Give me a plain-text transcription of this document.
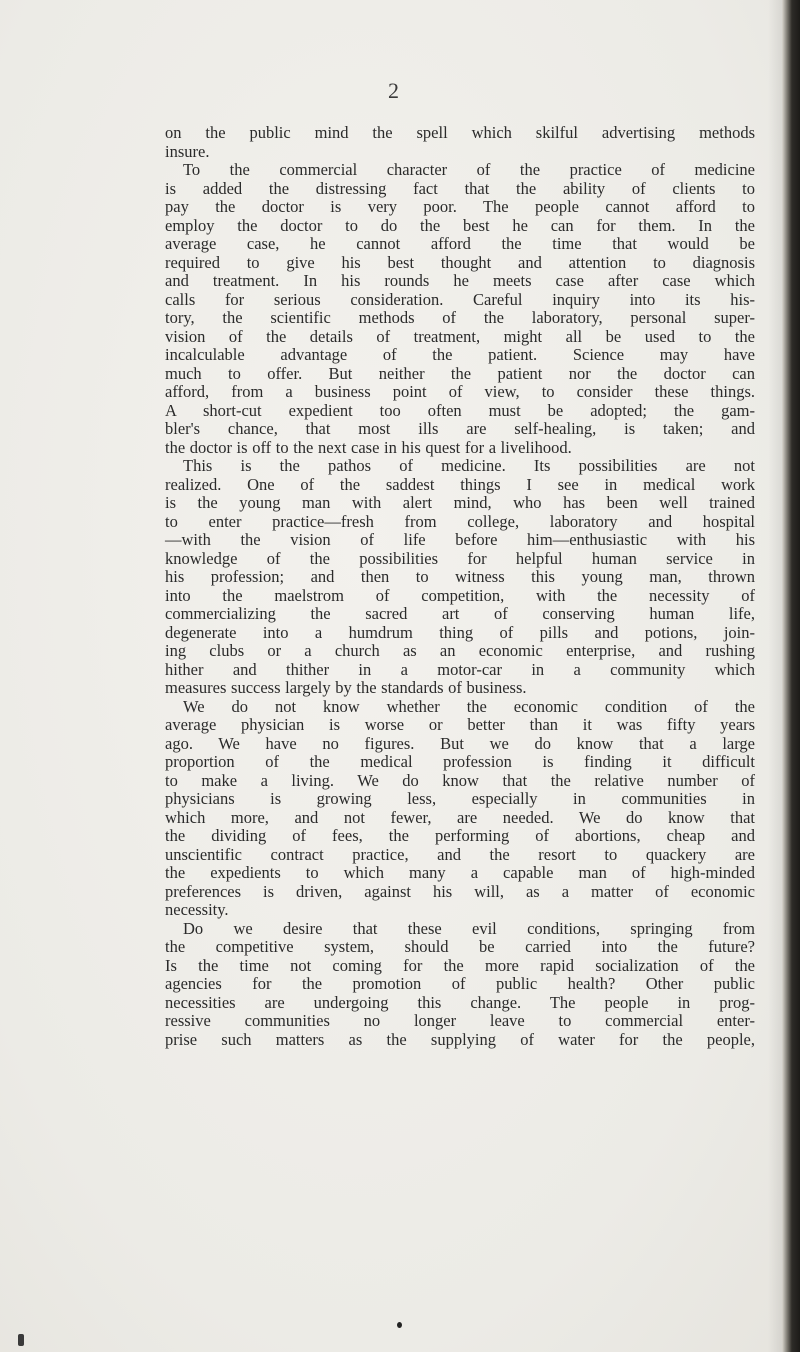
2
on the public mind the spell which skilful advertising methods
insure.
To the commercial character of the practice of medicine
is added the distressing fact that the ability of clients to
pay the doctor is very poor. The people cannot afford to
employ the doctor to do the best he can for them. In the
average case, he cannot afford the time that would be
required to give his best thought and attention to diagnosis
and treatment. In his rounds he meets case after case which
calls for serious consideration. Careful inquiry into its his-
tory, the scientific methods of the laboratory, personal super-
vision of the details of treatment, might all be used to the
incalculable advantage of the patient. Science may have
much to offer. But neither the patient nor the doctor can
afford, from a business point of view, to consider these things.
A short-cut expedient too often must be adopted; the gam-
bler's chance, that most ills are self-healing, is taken; and
the doctor is off to the next case in his quest for a livelihood.
This is the pathos of medicine. Its possibilities are not
realized. One of the saddest things I see in medical work
is the young man with alert mind, who has been well trained
to enter practice—fresh from college, laboratory and hospital
—with the vision of life before him—enthusiastic with his
knowledge of the possibilities for helpful human service in
his profession; and then to witness this young man, thrown
into the maelstrom of competition, with the necessity of
commercializing the sacred art of conserving human life,
degenerate into a humdrum thing of pills and potions, join-
ing clubs or a church as an economic enterprise, and rushing
hither and thither in a motor-car in a community which
measures success largely by the standards of business.
We do not know whether the economic condition of the
average physician is worse or better than it was fifty years
ago. We have no figures. But we do know that a large
proportion of the medical profession is finding it difficult
to make a living. We do know that the relative number of
physicians is growing less, especially in communities in
which more, and not fewer, are needed. We do know that
the dividing of fees, the performing of abortions, cheap and
unscientific contract practice, and the resort to quackery are
the expedients to which many a capable man of high-minded
preferences is driven, against his will, as a matter of economic
necessity.
Do we desire that these evil conditions, springing from
the competitive system, should be carried into the future?
Is the time not coming for the more rapid socialization of the
agencies for the promotion of public health? Other public
necessities are undergoing this change. The people in prog-
ressive communities no longer leave to commercial enter-
prise such matters as the supplying of water for the people,
